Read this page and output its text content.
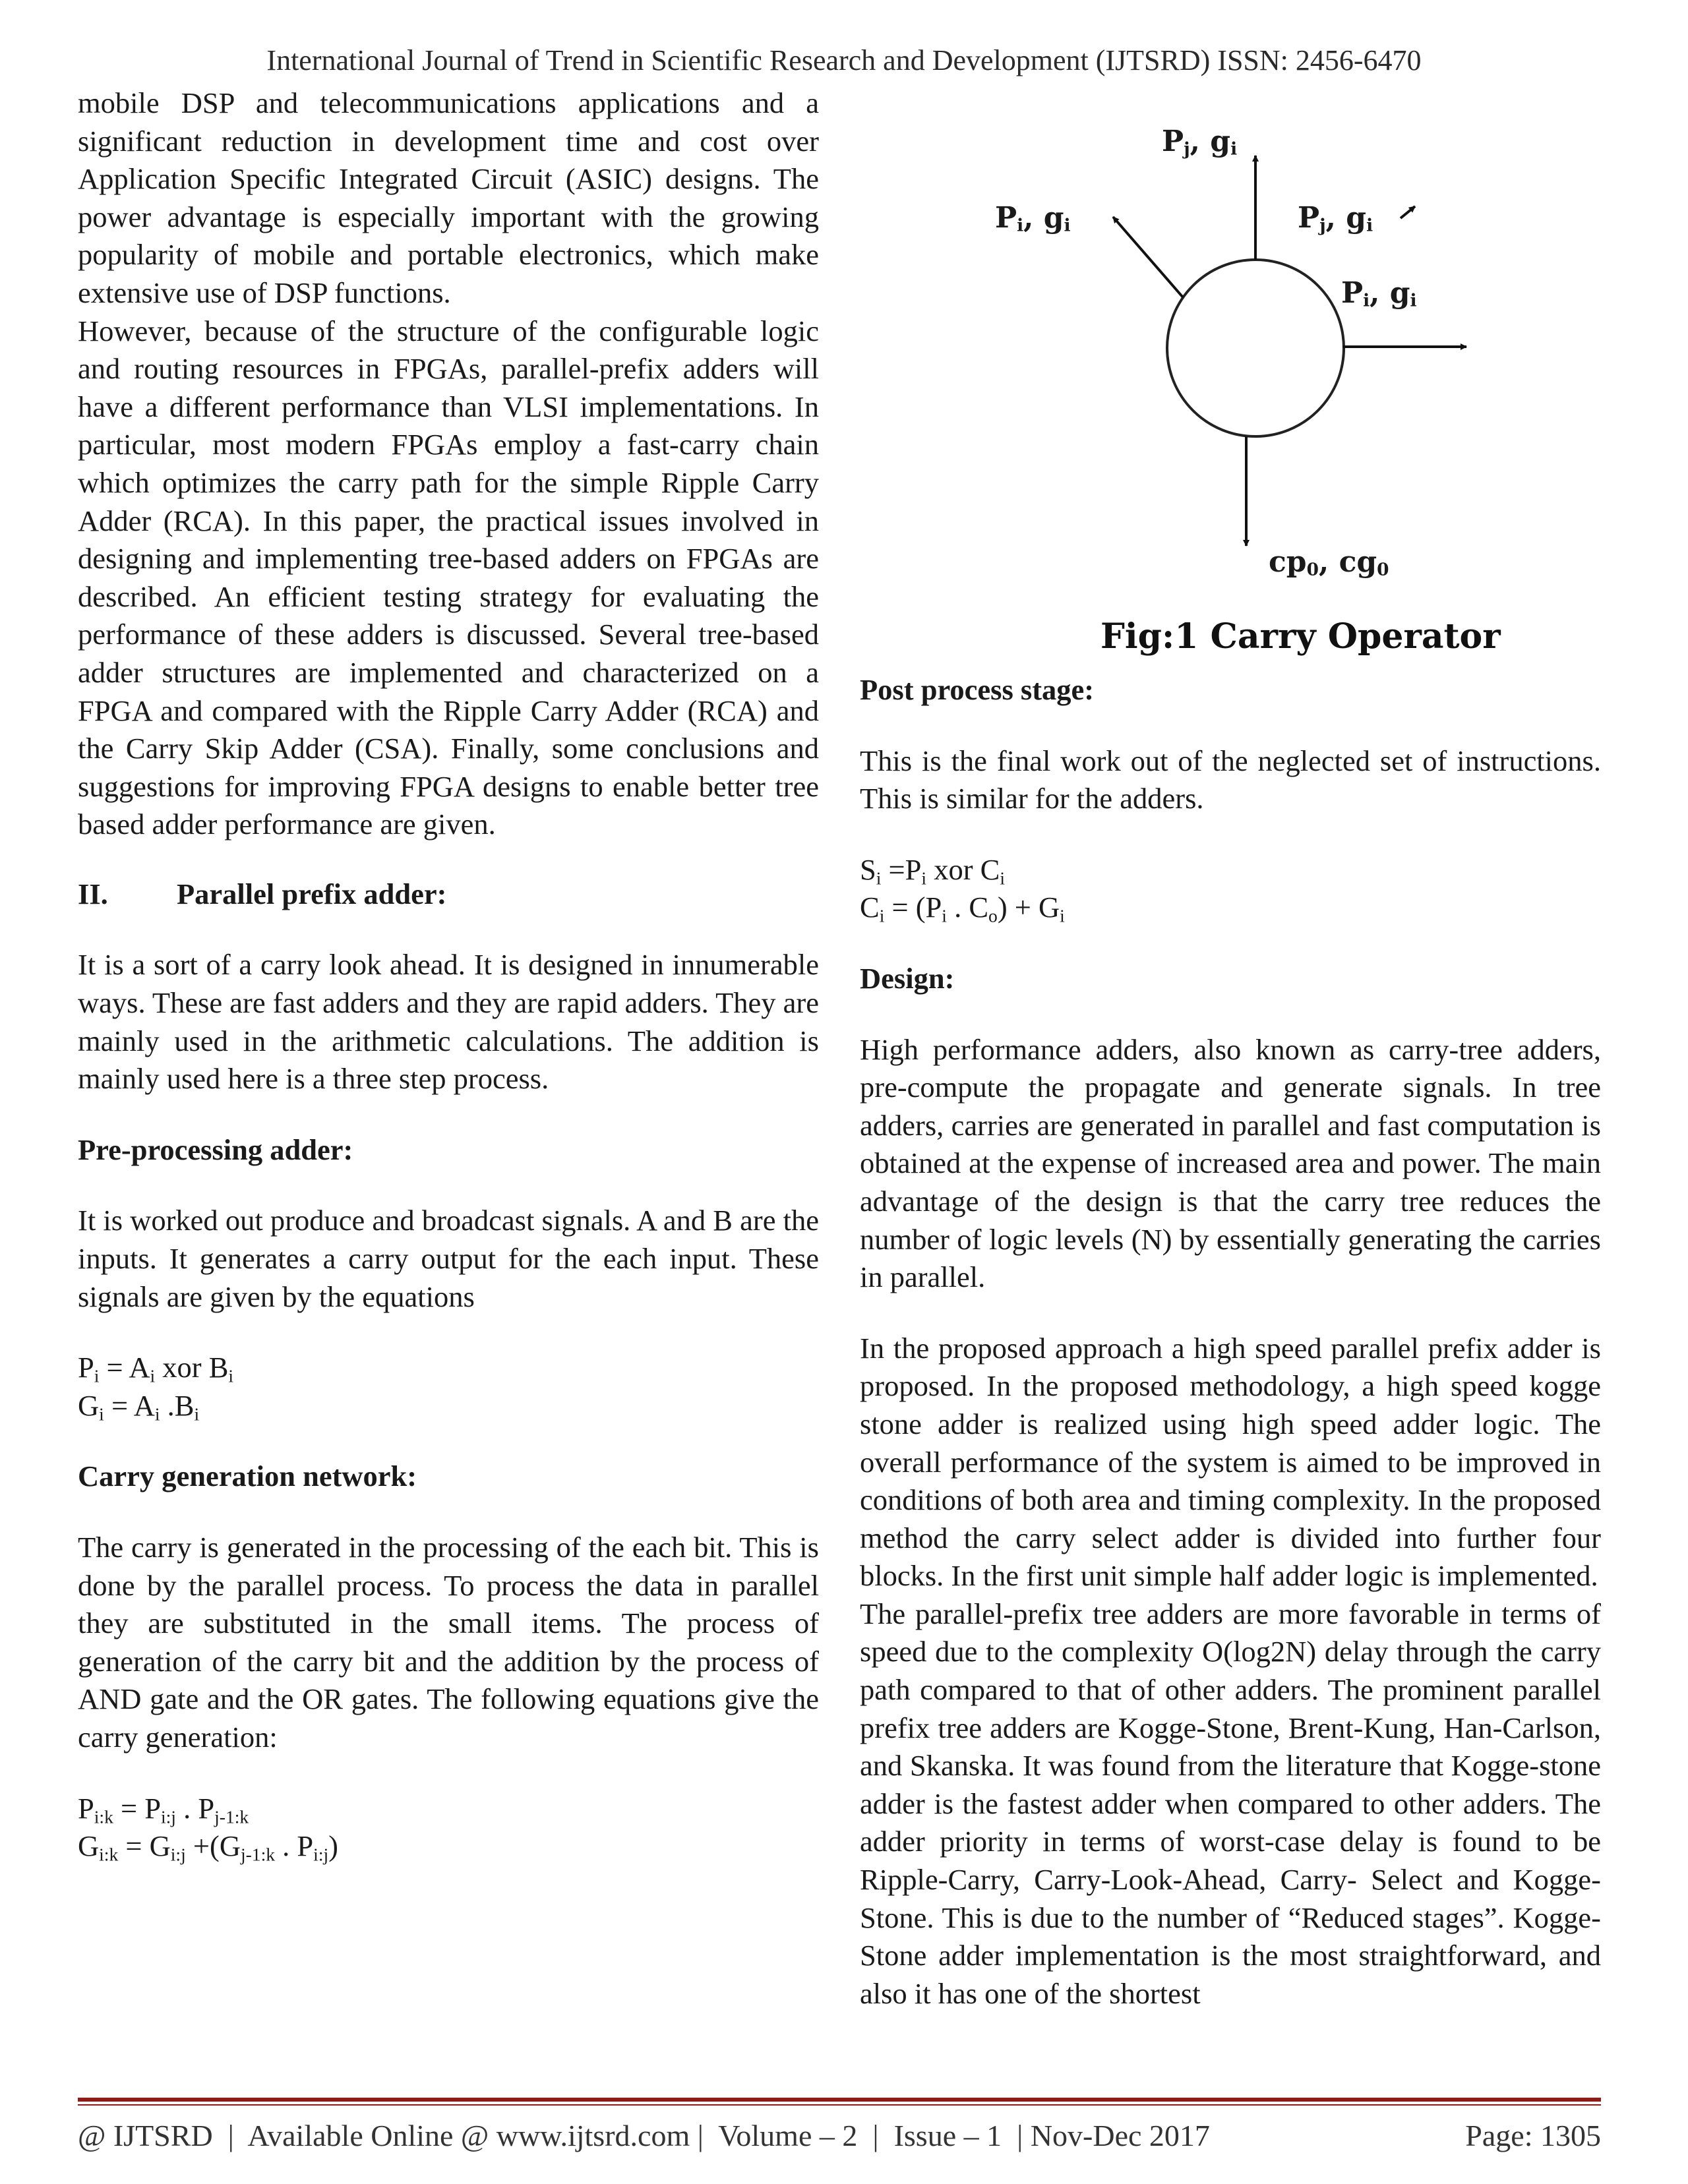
International Journal of Trend in Scientific Research and Development (IJTSRD) ISSN: 2456-6470

mobile DSP and telecommunications applications and a significant reduction in development time and cost over Application Specific Integrated Circuit (ASIC) designs. The power advantage is especially important with the growing popularity of mobile and portable electronics, which make extensive use of DSP functions.

However, because of the structure of the configurable logic and routing resources in FPGAs, parallel-prefix adders will have a different performance than VLSI implementations. In particular, most modern FPGAs employ a fast-carry chain which optimizes the carry path for the simple Ripple Carry Adder (RCA). In this paper, the practical issues involved in designing and implementing tree-based adders on FPGAs are described. An efficient testing strategy for evaluating the performance of these adders is discussed. Several tree-based adder structures are implemented and characterized on a FPGA and compared with the Ripple Carry Adder (RCA) and the Carry Skip Adder (CSA). Finally, some conclusions and suggestions for improving FPGA designs to enable better tree based adder performance are given.

II. Parallel prefix adder:

It is a sort of a carry look ahead. It is designed in innumerable ways. These are fast adders and they are rapid adders. They are mainly used in the arithmetic calculations. The addition is mainly used here is a three step process.

Pre-processing adder:

It is worked out produce and broadcast signals. A and B are the inputs. It generates a carry output for the each input. These signals are given by the equations

$P_i = A_i$ xor $B_i$
$G_i = A_i$ $.B_i$

Carry generation network:

The carry is generated in the processing of the each bit. This is done by the parallel process. To process the data in parallel they are substituted in the small items. The process of generation of the carry bit and the addition by the process of AND gate and the OR gates. The following equations give the carry generation:

$P_{i:k} = P_{i:j}$ . $P_{j-1:k}$
$G_{i:k} = G_{i:j} +(G_{j-1:k}$ . $P_{i:j}$)
$P_j$, $g_i$
$P_i$, $g_i$	$P_j$, $g_i$
$P_i$, $g_i$
$cp_0$, $cg_0$
Fig:1 Carry Operator

Post process stage:

This is the final work out of the neglected set of instructions. This is similar for the adders.

$S_i =P_i$ xor $C_i$
$C_i = (P_i$ . $C_o) + G_i$

Design:

High performance adders, also known as carry-tree adders, pre-compute the propagate and generate signals. In tree adders, carries are generated in parallel and fast computation is obtained at the expense of increased area and power. The main advantage of the design is that the carry tree reduces the number of logic levels (N) by essentially generating the carries in parallel.

In the proposed approach a high speed parallel prefix adder is proposed. In the proposed methodology, a high speed kogge stone adder is realized using high speed adder logic. The overall performance of the system is aimed to be improved in conditions of both area and timing complexity. In the proposed method the carry select adder is divided into further four blocks. In the first unit simple half adder logic is implemented.

The parallel-prefix tree adders are more favorable in terms of speed due to the complexity O(log2N) delay through the carry path compared to that of other adders. The prominent parallel prefix tree adders are Kogge-Stone, Brent-Kung, Han-Carlson, and Skanska. It was found from the literature that Kogge-stone adder is the fastest adder when compared to other adders. The adder priority in terms of worst-case delay is found to be Ripple-Carry, Carry-Look-Ahead, Carry- Select and Kogge-Stone. This is due to the number of “Reduced stages”. Kogge-Stone adder implementation is the most straightforward, and also it has one of the shortest

@ IJTSRD  |  Available Online @ www.ijtsrd.com |  Volume – 2  |  Issue – 1  | Nov-Dec 2017	Page: 1305
